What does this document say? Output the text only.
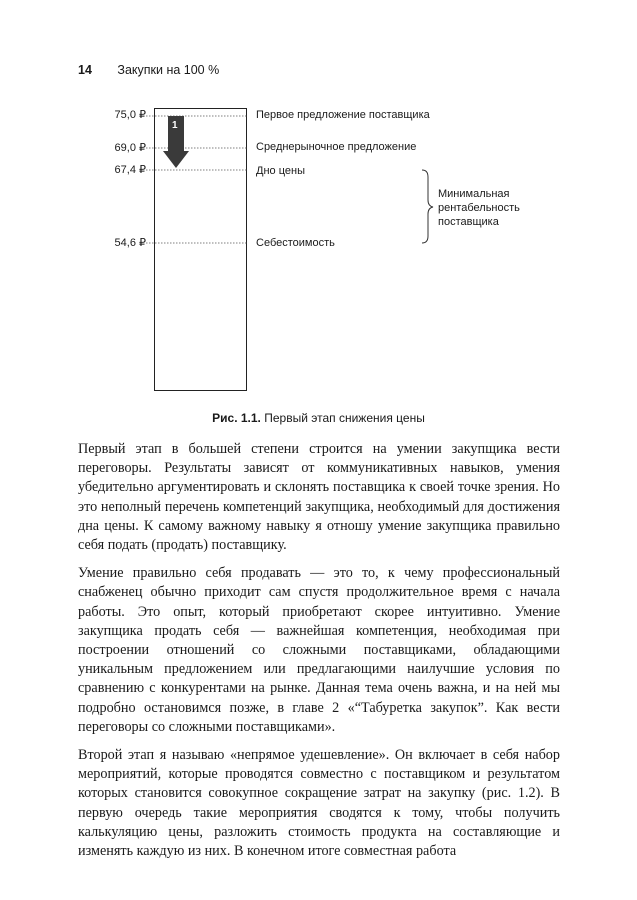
14 Закупки на 100 %
1
75,0 ₽
69,0 ₽
67,4 ₽
54,6 ₽
Первое предложение поставщика
Среднерыночное предложение
Дно цены
Себестоимость
Минимальная
рентабельность
поставщика
Рис. 1.1. Первый этап снижения цены

Первый этап в большей степени строится на умении закупщика вести переговоры. Результаты зависят от коммуникативных навыков, умения убедительно аргументировать и склонять поставщика к своей точке зрения. Но это неполный перечень компетенций закупщика, необходимый для достижения дна цены. К самому важному навыку я отношу умение закупщика правильно себя подать (продать) поставщику.

Умение правильно себя продавать — это то, к чему профессиональный снабженец обычно приходит сам спустя продолжительное время с начала работы. Это опыт, который приобретают скорее интуитивно. Умение закупщика продать себя — важнейшая компетенция, необходимая при построении отношений со сложными поставщиками, обладающими уникальным предложением или предлагающими наилучшие условия по сравнению с конкурентами на рынке. Данная тема очень важна, и на ней мы подробно остановимся позже, в главе 2 «“Табуретка закупок”. Как вести переговоры со сложными поставщиками».

Второй этап я называю «непрямое удешевление». Он включает в себя набор мероприятий, которые проводятся совместно с поставщиком и результатом которых становится совокупное сокращение затрат на закупку (рис. 1.2). В первую очередь такие мероприятия сводятся к тому, чтобы получить калькуляцию цены, разложить стоимость продукта на составляющие и изменять каждую из них. В конечном итоге совместная работа
